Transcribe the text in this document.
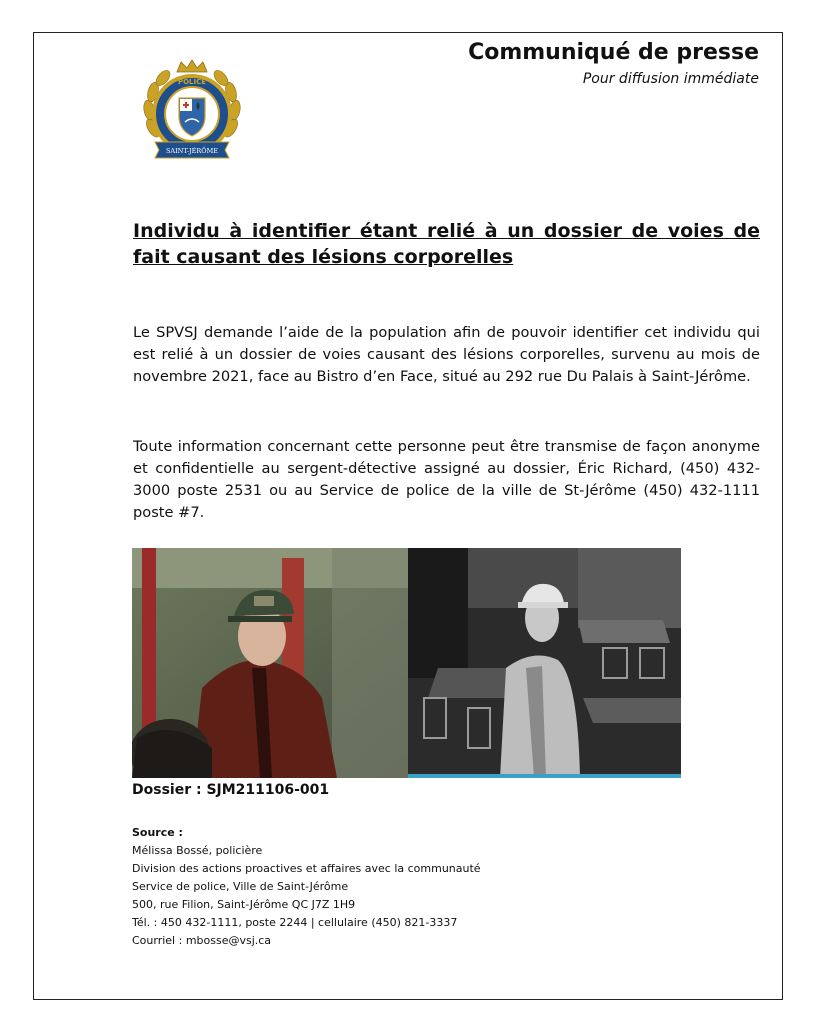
POLICE
SAINT-JÉRÔME
Communiqué de presse
Pour diffusion immédiate
Individu à identifier étant relié à un dossier de voies de fait causant des lésions corporelles
Le SPVSJ demande l’aide de la population afin de pouvoir identifier cet individu qui est relié à un dossier de voies causant des lésions corporelles, survenu au mois de novembre 2021, face au Bistro d’en Face, situé au 292 rue Du Palais à Saint-Jérôme.
Toute information concernant cette personne peut être transmise de façon anonyme et confidentielle au sergent-détective assigné au dossier, Éric Richard, (450) 432-3000 poste 2531 ou au Service de police de la ville de St-Jérôme (450) 432-1111 poste #7.
Dossier : SJM211106-001
Source :
Mélissa Bossé, policière
Division des actions proactives et affaires avec la communauté
Service de police, Ville de Saint-Jérôme
500, rue Filion, Saint-Jérôme QC J7Z 1H9
Tél. : 450 432-1111, poste 2244 | cellulaire (450) 821-3337
Courriel : mbosse@vsj.ca
